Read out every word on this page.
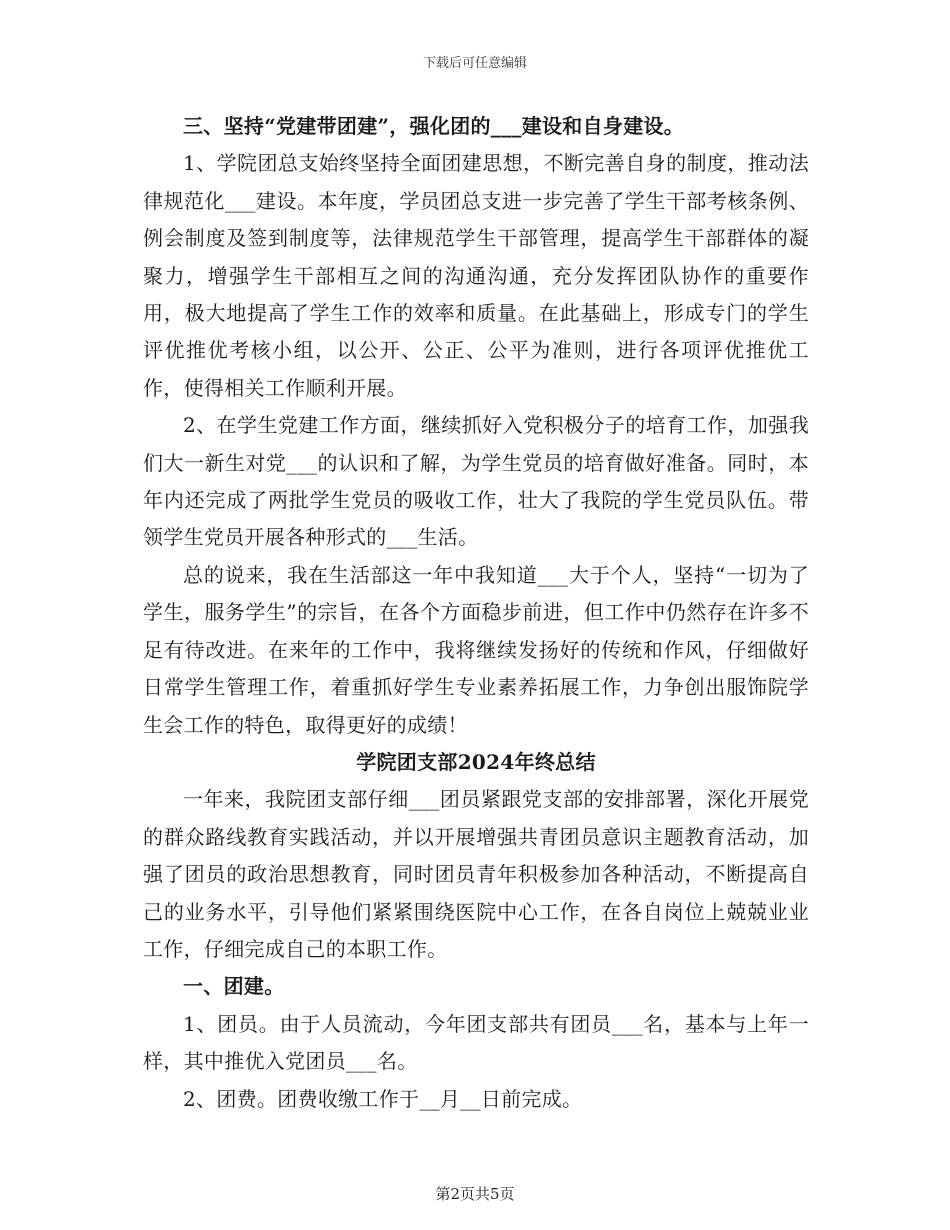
下载后可任意编辑

三、坚持“党建带团建”，强化团的___建设和自身建设。

1、学院团总支始终坚持全面团建思想，不断完善自身的制度，推动法律规范化___建设。本年度，学员团总支进一步完善了学生干部考核条例、例会制度及签到制度等，法律规范学生干部管理，提高学生干部群体的凝聚力，增强学生干部相互之间的沟通沟通，充分发挥团队协作的重要作用，极大地提高了学生工作的效率和质量。在此基础上，形成专门的学生评优推优考核小组，以公开、公正、公平为准则，进行各项评优推优工作，使得相关工作顺利开展。

2、在学生党建工作方面，继续抓好入党积极分子的培育工作，加强我们大一新生对党___的认识和了解，为学生党员的培育做好准备。同时，本年内还完成了两批学生党员的吸收工作，壮大了我院的学生党员队伍。带领学生党员开展各种形式的___生活。

总的说来，我在生活部这一年中我知道___大于个人，坚持“一切为了学生，服务学生”的宗旨，在各个方面稳步前进，但工作中仍然存在许多不足有待改进。在来年的工作中，我将继续发扬好的传统和作风，仔细做好日常学生管理工作，着重抓好学生专业素养拓展工作，力争创出服饰院学生会工作的特色，取得更好的成绩！

学院团支部2024年终总结

一年来，我院团支部仔细___团员紧跟党支部的安排部署，深化开展党的群众路线教育实践活动，并以开展增强共青团员意识主题教育活动，加强了团员的政治思想教育，同时团员青年积极参加各种活动，不断提高自己的业务水平，引导他们紧紧围绕医院中心工作，在各自岗位上兢兢业业工作，仔细完成自己的本职工作。

一、团建。

1、团员。由于人员流动，今年团支部共有团员___名，基本与上年一样，其中推优入党团员___名。

2、团费。团费收缴工作于__月__日前完成。

第2页共5页
